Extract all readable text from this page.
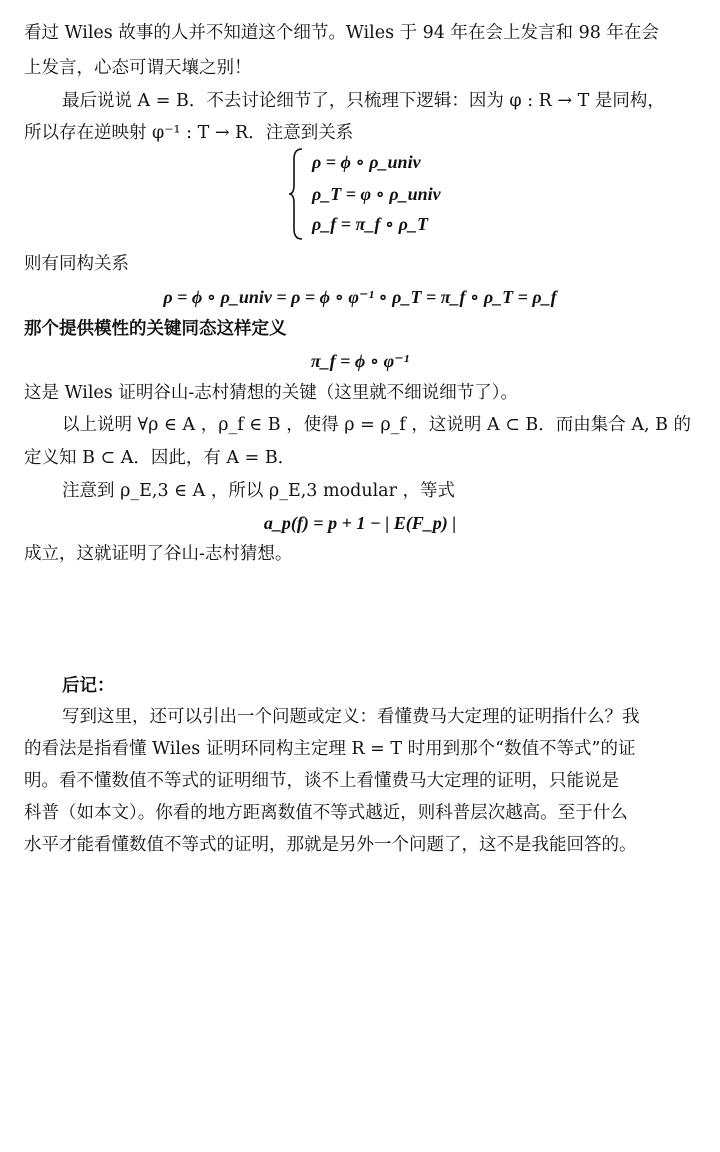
看过 Wiles 故事的人并不知道这个细节。Wiles 于 94 年在会上发言和 98 年在会
上发言，心态可谓天壤之别！
最后说说 A = B．不去讨论细节了，只梳理下逻辑：因为 φ : R → T 是同构，
所以存在逆映射 φ⁻¹ : T → R．注意到关系
ρ = ϕ ∘ ρ_univ
ρ_T = φ ∘ ρ_univ
ρ_f = π_f ∘ ρ_T
则有同构关系
ρ = ϕ ∘ ρ_univ = ρ = ϕ ∘ φ⁻¹ ∘ ρ_T = π_f ∘ ρ_T = ρ_f
那个提供模性的关键同态这样定义
π_f = ϕ ∘ φ⁻¹
这是 Wiles 证明谷山-志村猜想的关键（这里就不细说细节了）。
以上说明 ∀ρ ∈ A ，ρ_f ∈ B ，使得 ρ = ρ_f ，这说明 A ⊂ B．而由集合 A, B 的
定义知 B ⊂ A．因此，有 A = B．
注意到 ρ_E,3 ∈ A ，所以 ρ_E,3 modular ，等式
a_p(f) = p + 1 − | E(F_p) |
成立，这就证明了谷山-志村猜想。
后记：
写到这里，还可以引出一个问题或定义：看懂费马大定理的证明指什么？我
的看法是指看懂 Wiles 证明环同构主定理 R = T 时用到那个“数值不等式”的证
明。看不懂数值不等式的证明细节，谈不上看懂费马大定理的证明，只能说是
科普（如本文）。你看的地方距离数值不等式越近，则科普层次越高。至于什么
水平才能看懂数值不等式的证明，那就是另外一个问题了，这不是我能回答的。
